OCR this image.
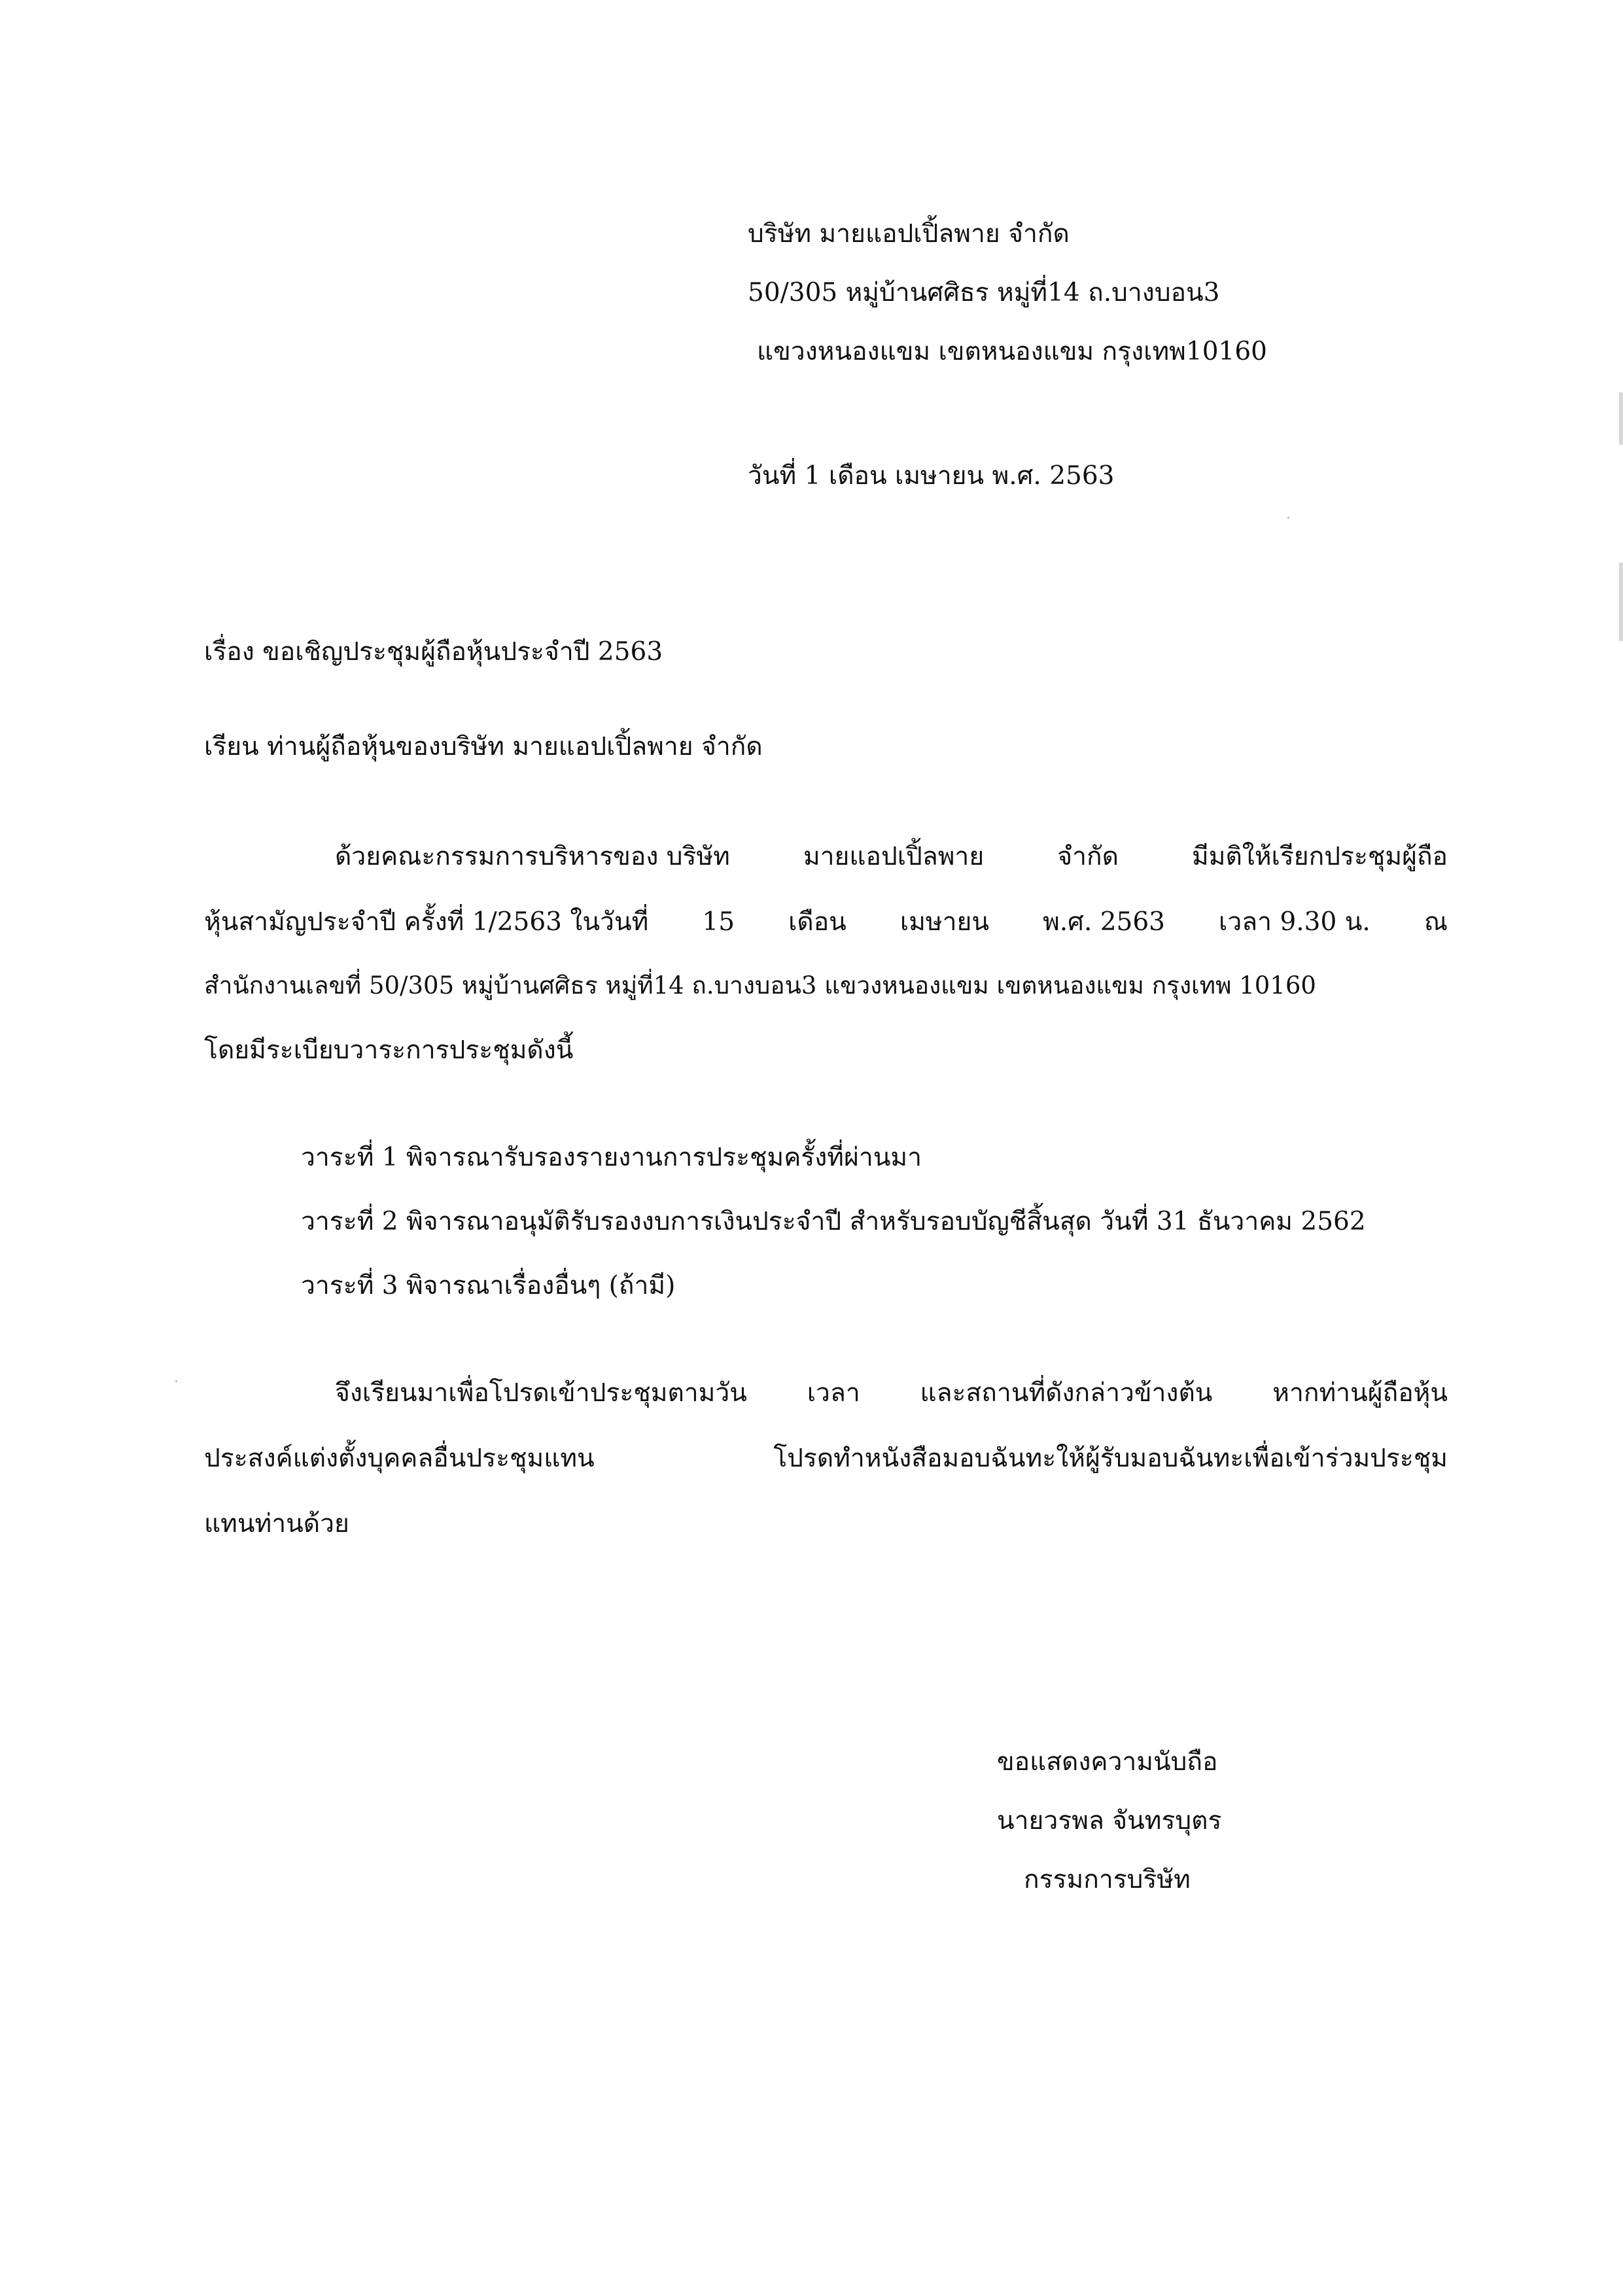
บริษัท มายแอปเปิ้ลพาย จำกัด
50/305 หมู่บ้านศศิธร หมู่ที่14 ถ.บางบอน3
แขวงหนองแขม เขตหนองแขม กรุงเทพ10160
วันที่ 1 เดือน เมษายน พ.ศ. 2563
เรื่อง ขอเชิญประชุมผู้ถือหุ้นประจำปี 2563
เรียน ท่านผู้ถือหุ้นของบริษัท มายแอปเปิ้ลพาย จำกัด
ด้วยคณะกรรมการบริหารของ บริษัท	มายแอปเปิ้ลพาย	จำกัด	มีมติให้เรียกประชุมผู้ถือ
หุ้นสามัญประจำปี ครั้งที่ 1/2563 ในวันที่ 15 เดือน เมษายน พ.ศ. 2563 เวลา 9.30 น. ณ
สำนักงานเลขที่ 50/305 หมู่บ้านศศิธร หมู่ที่14 ถ.บางบอน3 แขวงหนองแขม เขตหนองแขม กรุงเทพ 10160
โดยมีระเบียบวาระการประชุมดังนี้
วาระที่ 1 พิจารณารับรองรายงานการประชุมครั้งที่ผ่านมา
วาระที่ 2 พิจารณาอนุมัติรับรองงบการเงินประจำปี สำหรับรอบบัญชีสิ้นสุด วันที่ 31 ธันวาคม 2562
วาระที่ 3 พิจารณาเรื่องอื่นๆ (ถ้ามี)
จึงเรียนมาเพื่อโปรดเข้าประชุมตามวัน เวลา และสถานที่ดังกล่าวข้างต้น หากท่านผู้ถือหุ้น
ประสงค์แต่งตั้งบุคคลอื่นประชุมแทน	โปรดทำหนังสือมอบฉันทะให้ผู้รับมอบฉันทะเพื่อเข้าร่วมประชุม
แทนท่านด้วย
ขอแสดงความนับถือ
นายวรพล จันทรบุตร
กรรมการบริษัท
